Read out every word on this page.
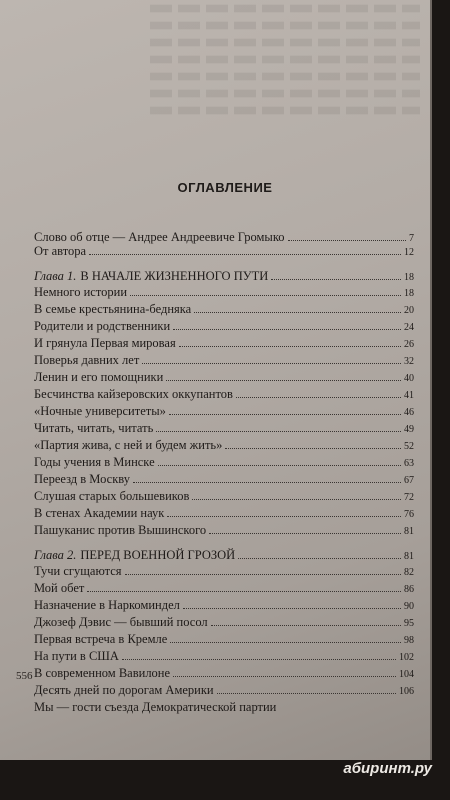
ОГЛАВЛЕНИЕ
Слово об отце — Андрее Андреевиче Громыко	7
От автора	12
Глава 1. В НАЧАЛЕ ЖИЗНЕННОГО ПУТИ	18
Немного истории	18
В семье крестьянина-бедняка	20
Родители и родственники	24
И грянула Первая мировая	26
Поверья давних лет	32
Ленин и его помощники	40
Бесчинства кайзеровских оккупантов	41
«Ночные университеты»	46
Читать, читать, читать	49
«Партия жива, с ней и будем жить»	52
Годы учения в Минске	63
Переезд в Москву	67
Слушая старых большевиков	72
В стенах Академии наук	76
Пашуканис против Вышинского	81
Глава 2. ПЕРЕД ВОЕННОЙ ГРОЗОЙ	81
Тучи сгущаются	82
Мой обет	86
Назначение в Наркоминдел	90
Джозеф Дэвис — бывший посол	95
Первая встреча в Кремле	98
На пути в США	102
В современном Вавилоне	104
Десять дней по дорогам Америки	106
Мы — гости съезда Демократической партии
556
абиринт.ру
